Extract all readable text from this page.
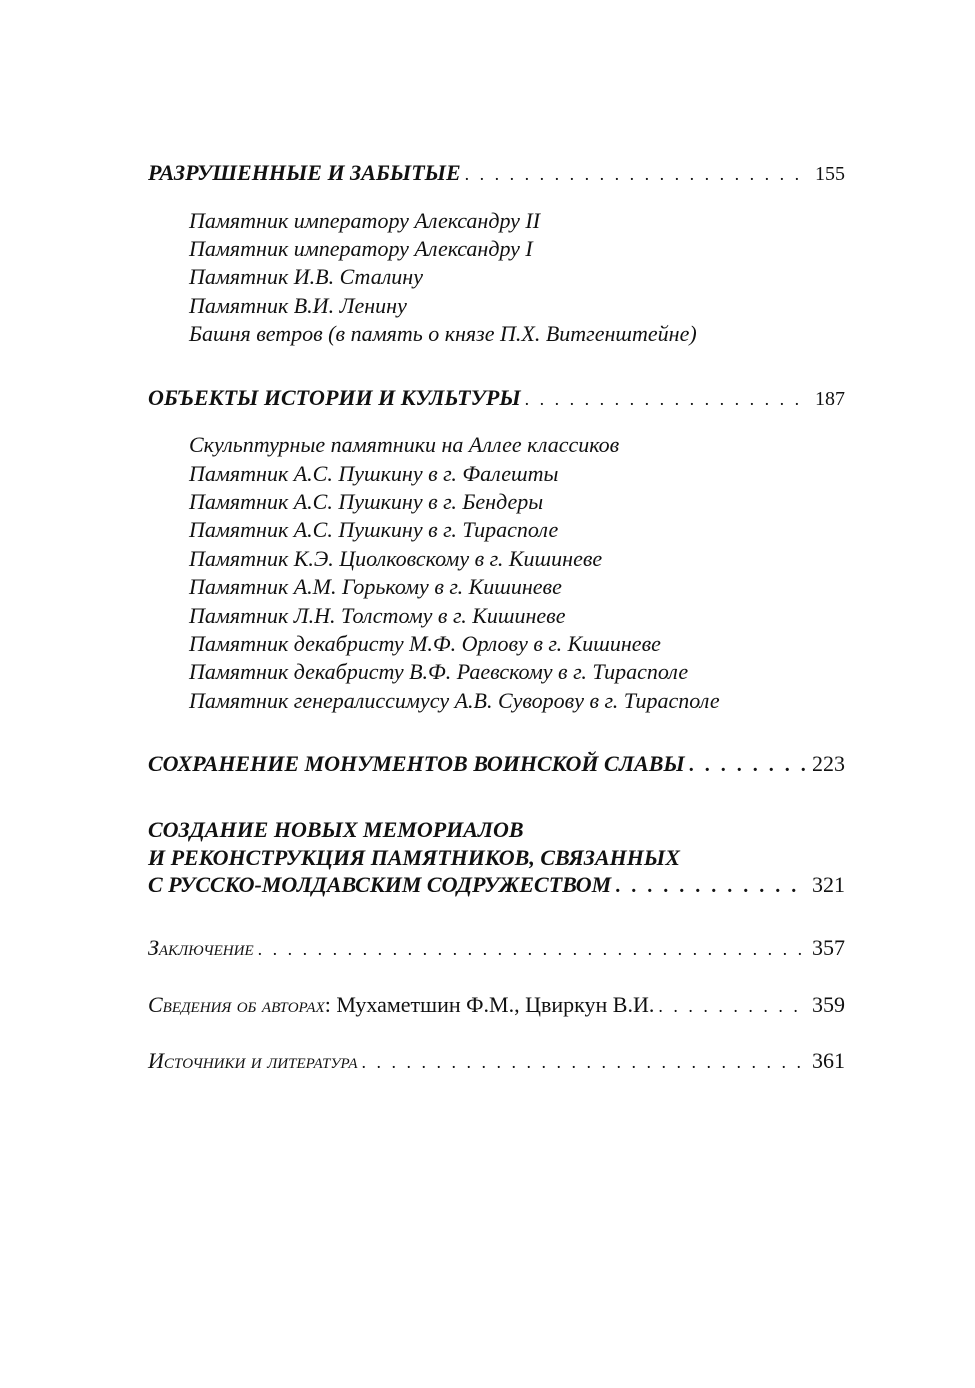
РАЗРУШЕННЫЕ И ЗАБЫТЫЕ . . .	155
Памятник императору Александру II
Памятник императору Александру I
Памятник И.В. Сталину
Памятник В.И. Ленину
Башня ветров (в память о князе П.Х. Витгенштейне)
ОБЪЕКТЫ ИСТОРИИ И КУЛЬТУРЫ . . .	187
Скульптурные памятники на Аллее классиков
Памятник А.С. Пушкину в г. Фалешты
Памятник А.С. Пушкину в г. Бендеры
Памятник А.С. Пушкину в г. Тирасполе
Памятник К.Э. Циолковскому в г. Кишиневе
Памятник А.М. Горькому в г. Кишиневе
Памятник Л.Н. Толстому в г. Кишиневе
Памятник декабристу М.Ф. Орлову в г. Кишиневе
Памятник декабристу В.Ф. Раевскому в г. Тирасполе
Памятник генералиссимусу А.В. Суворову в г. Тирасполе
СОХРАНЕНИЕ МОНУМЕНТОВ ВОИНСКОЙ СЛАВЫ . . .	223
СОЗДАНИЕ НОВЫХ МЕМОРИАЛОВ
И РЕКОНСТРУКЦИЯ ПАМЯТНИКОВ, СВЯЗАННЫХ
С РУССКО-МОЛДАВСКИМ СОДРУЖЕСТВОМ . . .	321
Заключение . . .	357
Сведения об авторах: Мухаметшин Ф.М., Цвиркун В.И. . . .	359
Источники и литература . . .	361
